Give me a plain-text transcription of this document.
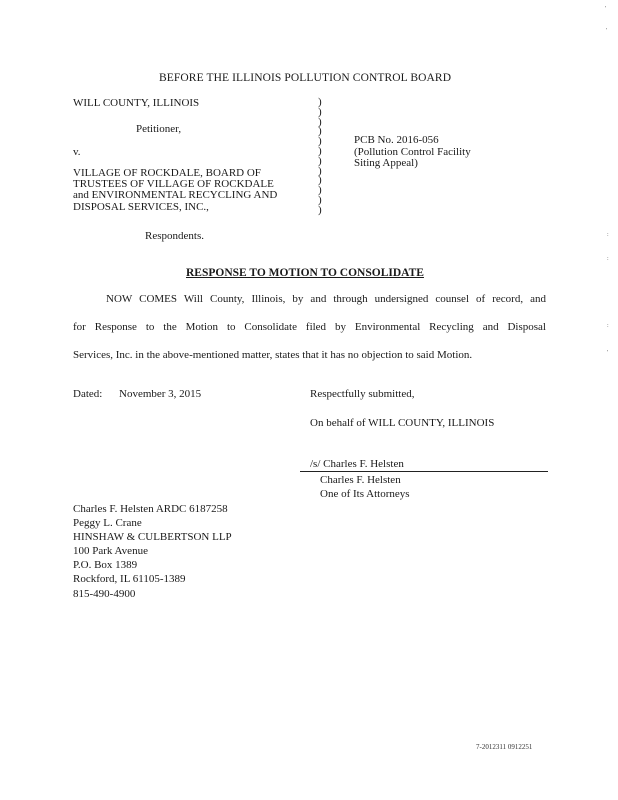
BEFORE THE ILLINOIS POLLUTION CONTROL BOARD
WILL COUNTY, ILLINOIS
Petitioner,
v.
VILLAGE OF ROCKDALE, BOARD OF
TRUSTEES OF VILLAGE OF ROCKDALE
and ENVIRONMENTAL RECYCLING AND
DISPOSAL SERVICES, INC.,
Respondents.
)
)
)
)
)
)
)
)
)
)
)
)
PCB No. 2016-056
(Pollution Control Facility
Siting Appeal)
RESPONSE TO MOTION TO CONSOLIDATE
NOW COMES Will County, Illinois, by and through undersigned counsel of record, and
for Response to the Motion to Consolidate filed by Environmental Recycling and Disposal
Services, Inc. in the above-mentioned matter, states that it has no objection to said Motion.
Dated: November 3, 2015	Respectfully submitted,
On behalf of WILL COUNTY, ILLINOIS
/s/ Charles F. Helsten
Charles F. Helsten
One of Its Attorneys
Charles F. Helsten ARDC 6187258
Peggy L. Crane
HINSHAW & CULBERTSON LLP
100 Park Avenue
P.O. Box 1389
Rockford, IL 61105-1389
815-490-4900
7-2012311 0912251
'
'
:
:
:
'
